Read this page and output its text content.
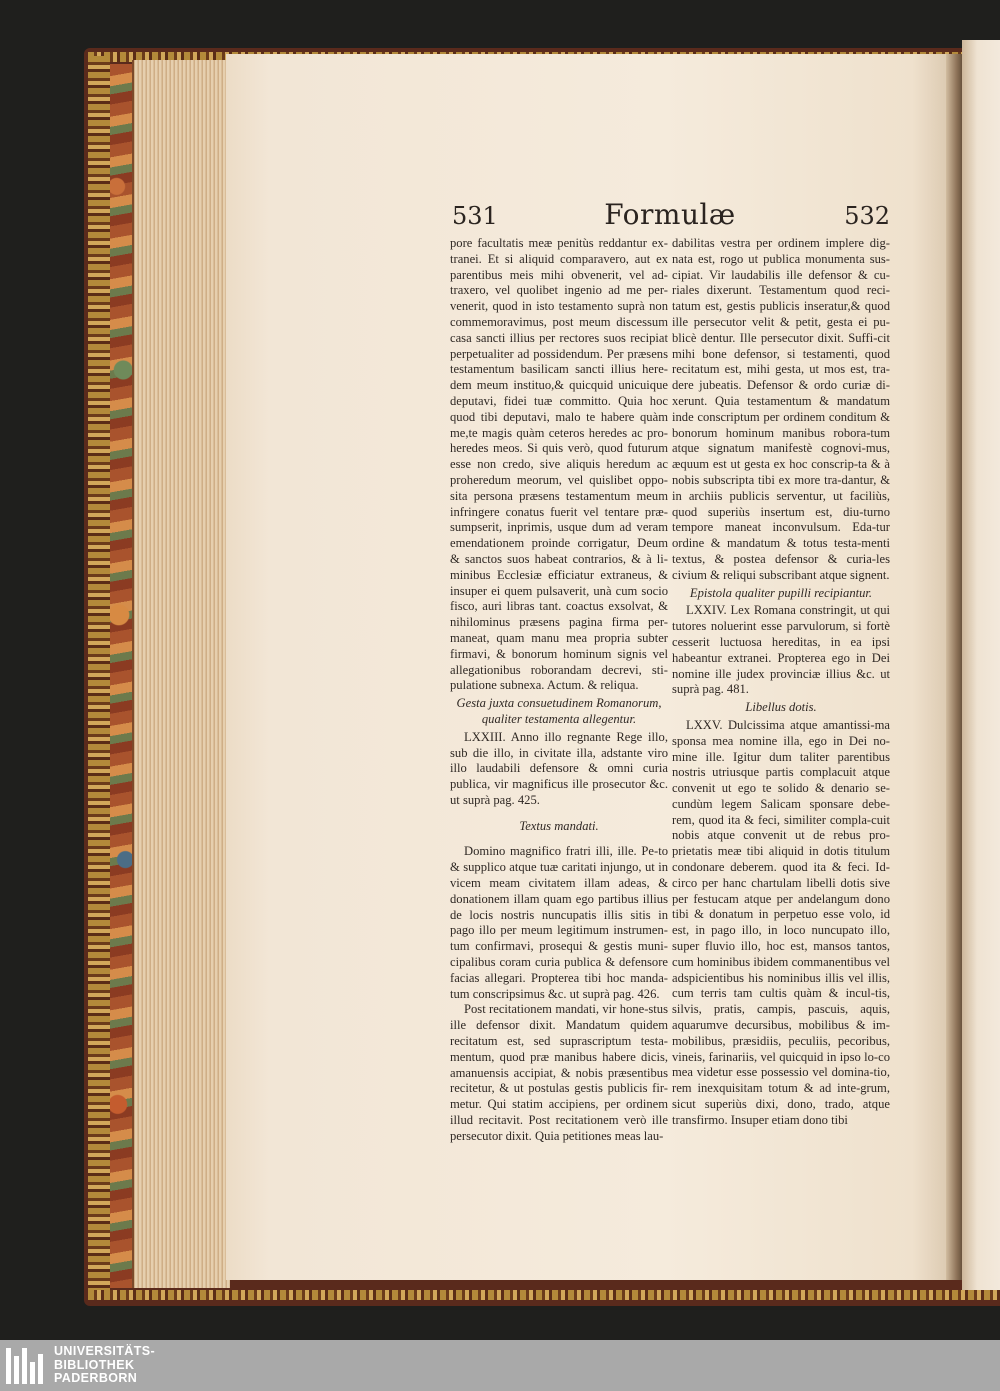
531	Formulæ	532

pore facultatis meæ penitùs reddantur ex-tranei. Et si aliquid comparavero, aut ex parentibus meis mihi obvenerit, vel ad-traxero, vel quolibet ingenio ad me per-venerit, quod in isto testamento suprà non commemoravimus, post meum discessum casa sancti illius per rectores suos recipiat perpetualiter ad possidendum. Per præsens testamentum basilicam sancti illius here-dem meum instituo,& quicquid unicuique deputavi, fidei tuæ committo. Quia hoc quod tibi deputavi, malo te habere quàm me,te magis quàm ceteros heredes ac pro-heredes meos. Si quis verò, quod futurum esse non credo, sive aliquis heredum ac proheredum meorum, vel quislibet oppo-sita persona præsens testamentum meum infringere conatus fuerit vel tentare præ-sumpserit, inprimis, usque dum ad veram emendationem proinde corrigatur, Deum & sanctos suos habeat contrarios, & à li-minibus Ecclesiæ efficiatur extraneus, & insuper ei quem pulsaverit, unà cum socio fisco, auri libras tant. coactus exsolvat, & nihilominus præsens pagina firma per-maneat, quam manu mea propria subter firmavi, & bonorum hominum signis vel allegationibus roborandam decrevi, sti-pulatione subnexa. Actum. & reliqua.

Gesta juxta consuetudinem Romanorum, qualiter testamenta allegentur.

LXXIII. Anno illo regnante Rege illo, sub die illo, in civitate illa, adstante viro illo laudabili defensore & omni curia publica, vir magnificus ille prosecutor &c. ut suprà pag. 425.

Textus mandati.

Domino magnifico fratri illi, ille. Pe-to & supplico atque tuæ caritati injungo, ut in vicem meam civitatem illam adeas, & donationem illam quam ego partibus illius de locis nostris nuncupatis illis sitis in pago illo per meum legitimum instrumen-tum confirmavi, prosequi & gestis muni-cipalibus coram curia publica & defensore facias allegari. Propterea tibi hoc manda-tum conscripsimus &c. ut suprà pag. 426.

Post recitationem mandati, vir hone-stus ille defensor dixit. Mandatum quidem recitatum est, sed suprascriptum testa-mentum, quod præ manibus habere dicis, amanuensis accipiat, & nobis præsentibus recitetur, & ut postulas gestis publicis fir-metur. Qui statim accipiens, per ordinem illud recitavit. Post recitationem verò ille persecutor dixit. Quia petitiones meas lau-

dabilitas vestra per ordinem implere dig-nata est, rogo ut publica monumenta sus-cipiat. Vir laudabilis ille defensor & cu-riales dixerunt. Testamentum quod reci-tatum est, gestis publicis inseratur,& quod ille persecutor velit & petit, gesta ei pu-blicè dentur. Ille persecutor dixit. Suffi-cit mihi bone defensor, si testamenti, quod recitatum est, mihi gesta, ut mos est, tra-dere jubeatis. Defensor & ordo curiæ di-xerunt. Quia testamentum & mandatum inde conscriptum per ordinem conditum & bonorum hominum manibus robora-tum atque signatum manifestè cognovi-mus, æquum est ut gesta ex hoc conscrip-ta & à nobis subscripta tibi ex more tra-dantur, & in archiis publicis serventur, ut faciliùs, quod superiùs insertum est, diu-turno tempore maneat inconvulsum. Eda-tur ordine & mandatum & totus testa-menti textus, & postea defensor & curia-les civium & reliqui subscribant atque signent.

Epistola qualiter pupilli recipiantur.

LXXIV. Lex Romana constringit, ut qui tutores noluerint esse parvulorum, si fortè cesserit luctuosa hereditas, in ea ipsi habeantur extranei. Propterea ego in Dei nomine ille judex provinciæ illius &c. ut suprà pag. 481.

Libellus dotis.

LXXV. Dulcissima atque amantissi-ma sponsa mea nomine illa, ego in Dei no-mine ille. Igitur dum taliter parentibus nostris utriusque partis complacuit atque convenit ut ego te solido & denario se-cundùm legem Salicam sponsare debe-rem, quod ita & feci, similiter compla-cuit nobis atque convenit ut de rebus pro-prietatis meæ tibi aliquid in dotis titulum condonare deberem. quod ita & feci. Id-circo per hanc chartulam libelli dotis sive per festucam atque per andelangum dono tibi & donatum in perpetuo esse volo, id est, in pago illo, in loco nuncupato illo, super fluvio illo, hoc est, mansos tantos, cum hominibus ibidem commanentibus vel adspicientibus his nominibus illis vel illis, cum terris tam cultis quàm & incul-tis, silvis, pratis, campis, pascuis, aquis, aquarumve decursibus, mobilibus & im-mobilibus, præsidiis, peculiis, pecoribus, vineis, farinariis, vel quicquid in ipso lo-co mea videtur esse possessio vel domina-tio, rem inexquisitam totum & ad inte-grum, sicut superiùs dixi, dono, trado, atque transfirmo. Insuper etiam dono tibi

UNIVERSITÄTS-
BIBLIOTHEK
PADERBORN
